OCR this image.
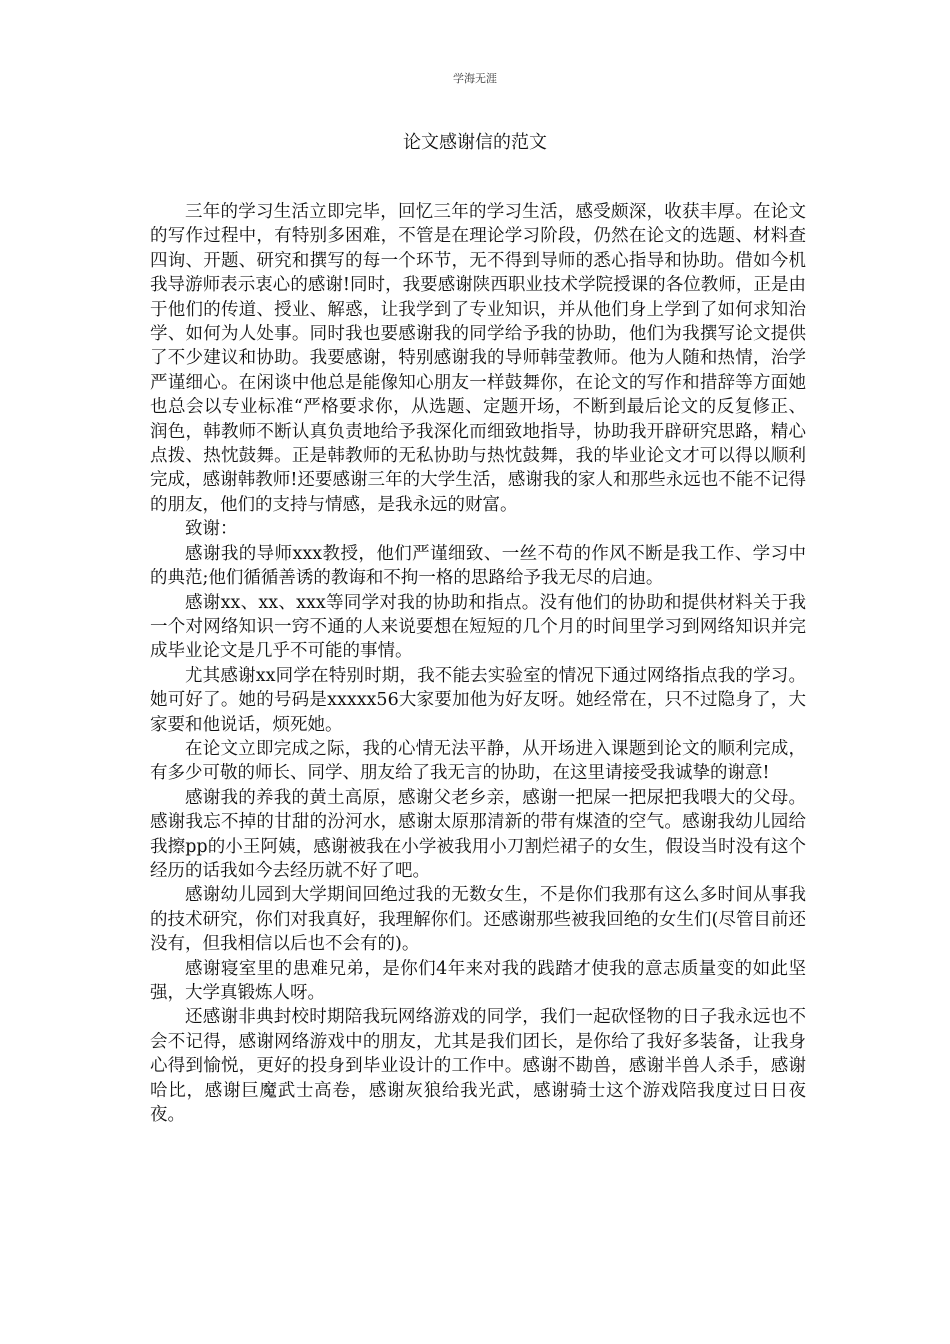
学海无涯
论文感谢信的范文

三年的学习生活立即完毕，回忆三年的学习生活，感受颇深，收获丰厚。在论文的写作过程中，有特别多困难，不管是在理论学习阶段，仍然在论文的选题、材料查四询、开题、研究和撰写的每一个环节，无不得到导师的悉心指导和协助。借如今机我导游师表示衷心的感谢!同时，我要感谢陕西职业技术学院授课的各位教师，正是由于他们的传道、授业、解惑，让我学到了专业知识，并从他们身上学到了如何求知治学、如何为人处事。同时我也要感谢我的同学给予我的协助，他们为我撰写论文提供了不少建议和协助。我要感谢，特别感谢我的导师韩莹教师。他为人随和热情，治学严谨细心。在闲谈中他总是能像知心朋友一样鼓舞你，在论文的写作和措辞等方面她也总会以专业标准“严格要求你，从选题、定题开场，不断到最后论文的反复修正、润色，韩教师不断认真负责地给予我深化而细致地指导，协助我开辟研究思路，精心点拨、热忱鼓舞。正是韩教师的无私协助与热忱鼓舞，我的毕业论文才可以得以顺利完成，感谢韩教师!还要感谢三年的大学生活，感谢我的家人和那些永远也不能不记得的朋友，他们的支持与情感，是我永远的财富。

致谢：

感谢我的导师xxx教授，他们严谨细致、一丝不苟的作风不断是我工作、学习中的典范;他们循循善诱的教诲和不拘一格的思路给予我无尽的启迪。

感谢xx、xx、xxx等同学对我的协助和指点。没有他们的协助和提供材料关于我一个对网络知识一窍不通的人来说要想在短短的几个月的时间里学习到网络知识并完成毕业论文是几乎不可能的事情。

尤其感谢xx同学在特别时期，我不能去实验室的情况下通过网络指点我的学习。她可好了。她的号码是xxxxx56大家要加他为好友呀。她经常在，只不过隐身了，大家要和他说话，烦死她。

在论文立即完成之际，我的心情无法平静，从开场进入课题到论文的顺利完成，有多少可敬的师长、同学、朋友给了我无言的协助，在这里请接受我诚挚的谢意!

感谢我的养我的黄土高原，感谢父老乡亲，感谢一把屎一把尿把我喂大的父母。感谢我忘不掉的甘甜的汾河水，感谢太原那清新的带有煤渣的空气。感谢我幼儿园给我擦pp的小王阿姨，感谢被我在小学被我用小刀割烂裙子的女生，假设当时没有这个经历的话我如今去经历就不好了吧。

感谢幼儿园到大学期间回绝过我的无数女生，不是你们我那有这么多时间从事我的技术研究，你们对我真好，我理解你们。还感谢那些被我回绝的女生们(尽管目前还没有，但我相信以后也不会有的)。

感谢寝室里的患难兄弟，是你们4年来对我的践踏才使我的意志质量变的如此坚强，大学真锻炼人呀。

还感谢非典封校时期陪我玩网络游戏的同学，我们一起砍怪物的日子我永远也不会不记得，感谢网络游戏中的朋友，尤其是我们团长，是你给了我好多装备，让我身心得到愉悦，更好的投身到毕业设计的工作中。感谢不勘兽，感谢半兽人杀手，感谢哈比，感谢巨魔武士高卷，感谢灰狼给我光武，感谢骑士这个游戏陪我度过日日夜夜。
